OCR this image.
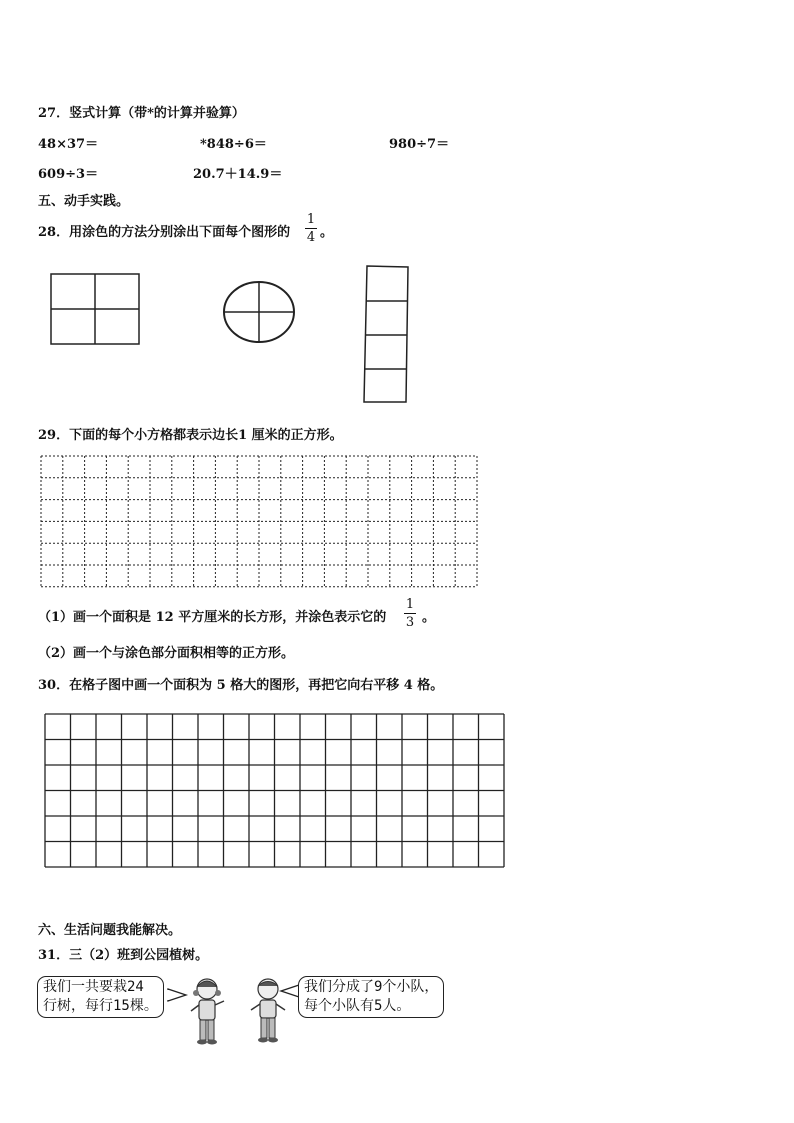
27．竖式计算（带*的计算并验算）
48×37＝	*848÷6＝	980÷7＝
609÷3＝	20.7＋14.9＝
五、动手实践。
28．用涂色的方法分别涂出下面每个图形的
1
4 。
29．下面的每个小方格都表示边长1 厘米的正方形。
（1）画一个面积是 12 平方厘米的长方形，并涂色表示它的
1
3 。
（2）画一个与涂色部分面积相等的正方形。
30．在格子图中画一个面积为 5 格大的图形，再把它向右平移 4 格。
六、生活问题我能解决。
31．三（2）班到公园植树。
我们一共要栽24
行树，每行15棵。
我们分成了9个小队，
每个小队有5人。
